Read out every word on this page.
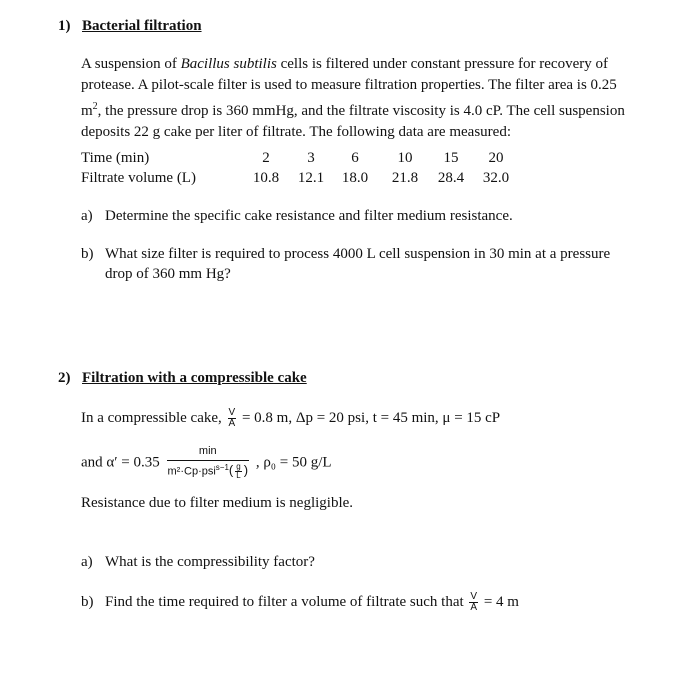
1) Bacterial filtration
A suspension of Bacillus subtilis cells is filtered under constant pressure for recovery of protease. A pilot-scale filter is used to measure filtration properties. The filter area is 0.25 $m^2$, the pressure drop is 360 mmHg, and the filtrate viscosity is 4.0 cP. The cell suspension deposits 22 g cake per liter of filtrate. The following data are measured:
Time (min)	2	3	6	10	15	20
Filtrate volume (L)	10.8 12.1 18.0 21.8 28.4 32.0
a) Determine the specific cake resistance and filter medium resistance.
b) What size filter is required to process 4000 L cell suspension in 30 min at a pressure drop of 360 mm Hg?
2) Filtration with a compressible cake
In a compressible cake, $\frac{V}{A} = 0.8$ m, Δp = 20 psi, t = 45 min, μ = 15 cP
and $\alpha' = 0.35 \frac{\min}{m^2\cdot Cp\cdot psi^{s-1}( \frac{g}{L} )}$ , ρ₀ = 50 g/L
Resistance due to filter medium is negligible.
a) What is the compressibility factor?
b) Find the time required to filter a volume of filtrate such that $\frac{V}{A} = 4$ m
